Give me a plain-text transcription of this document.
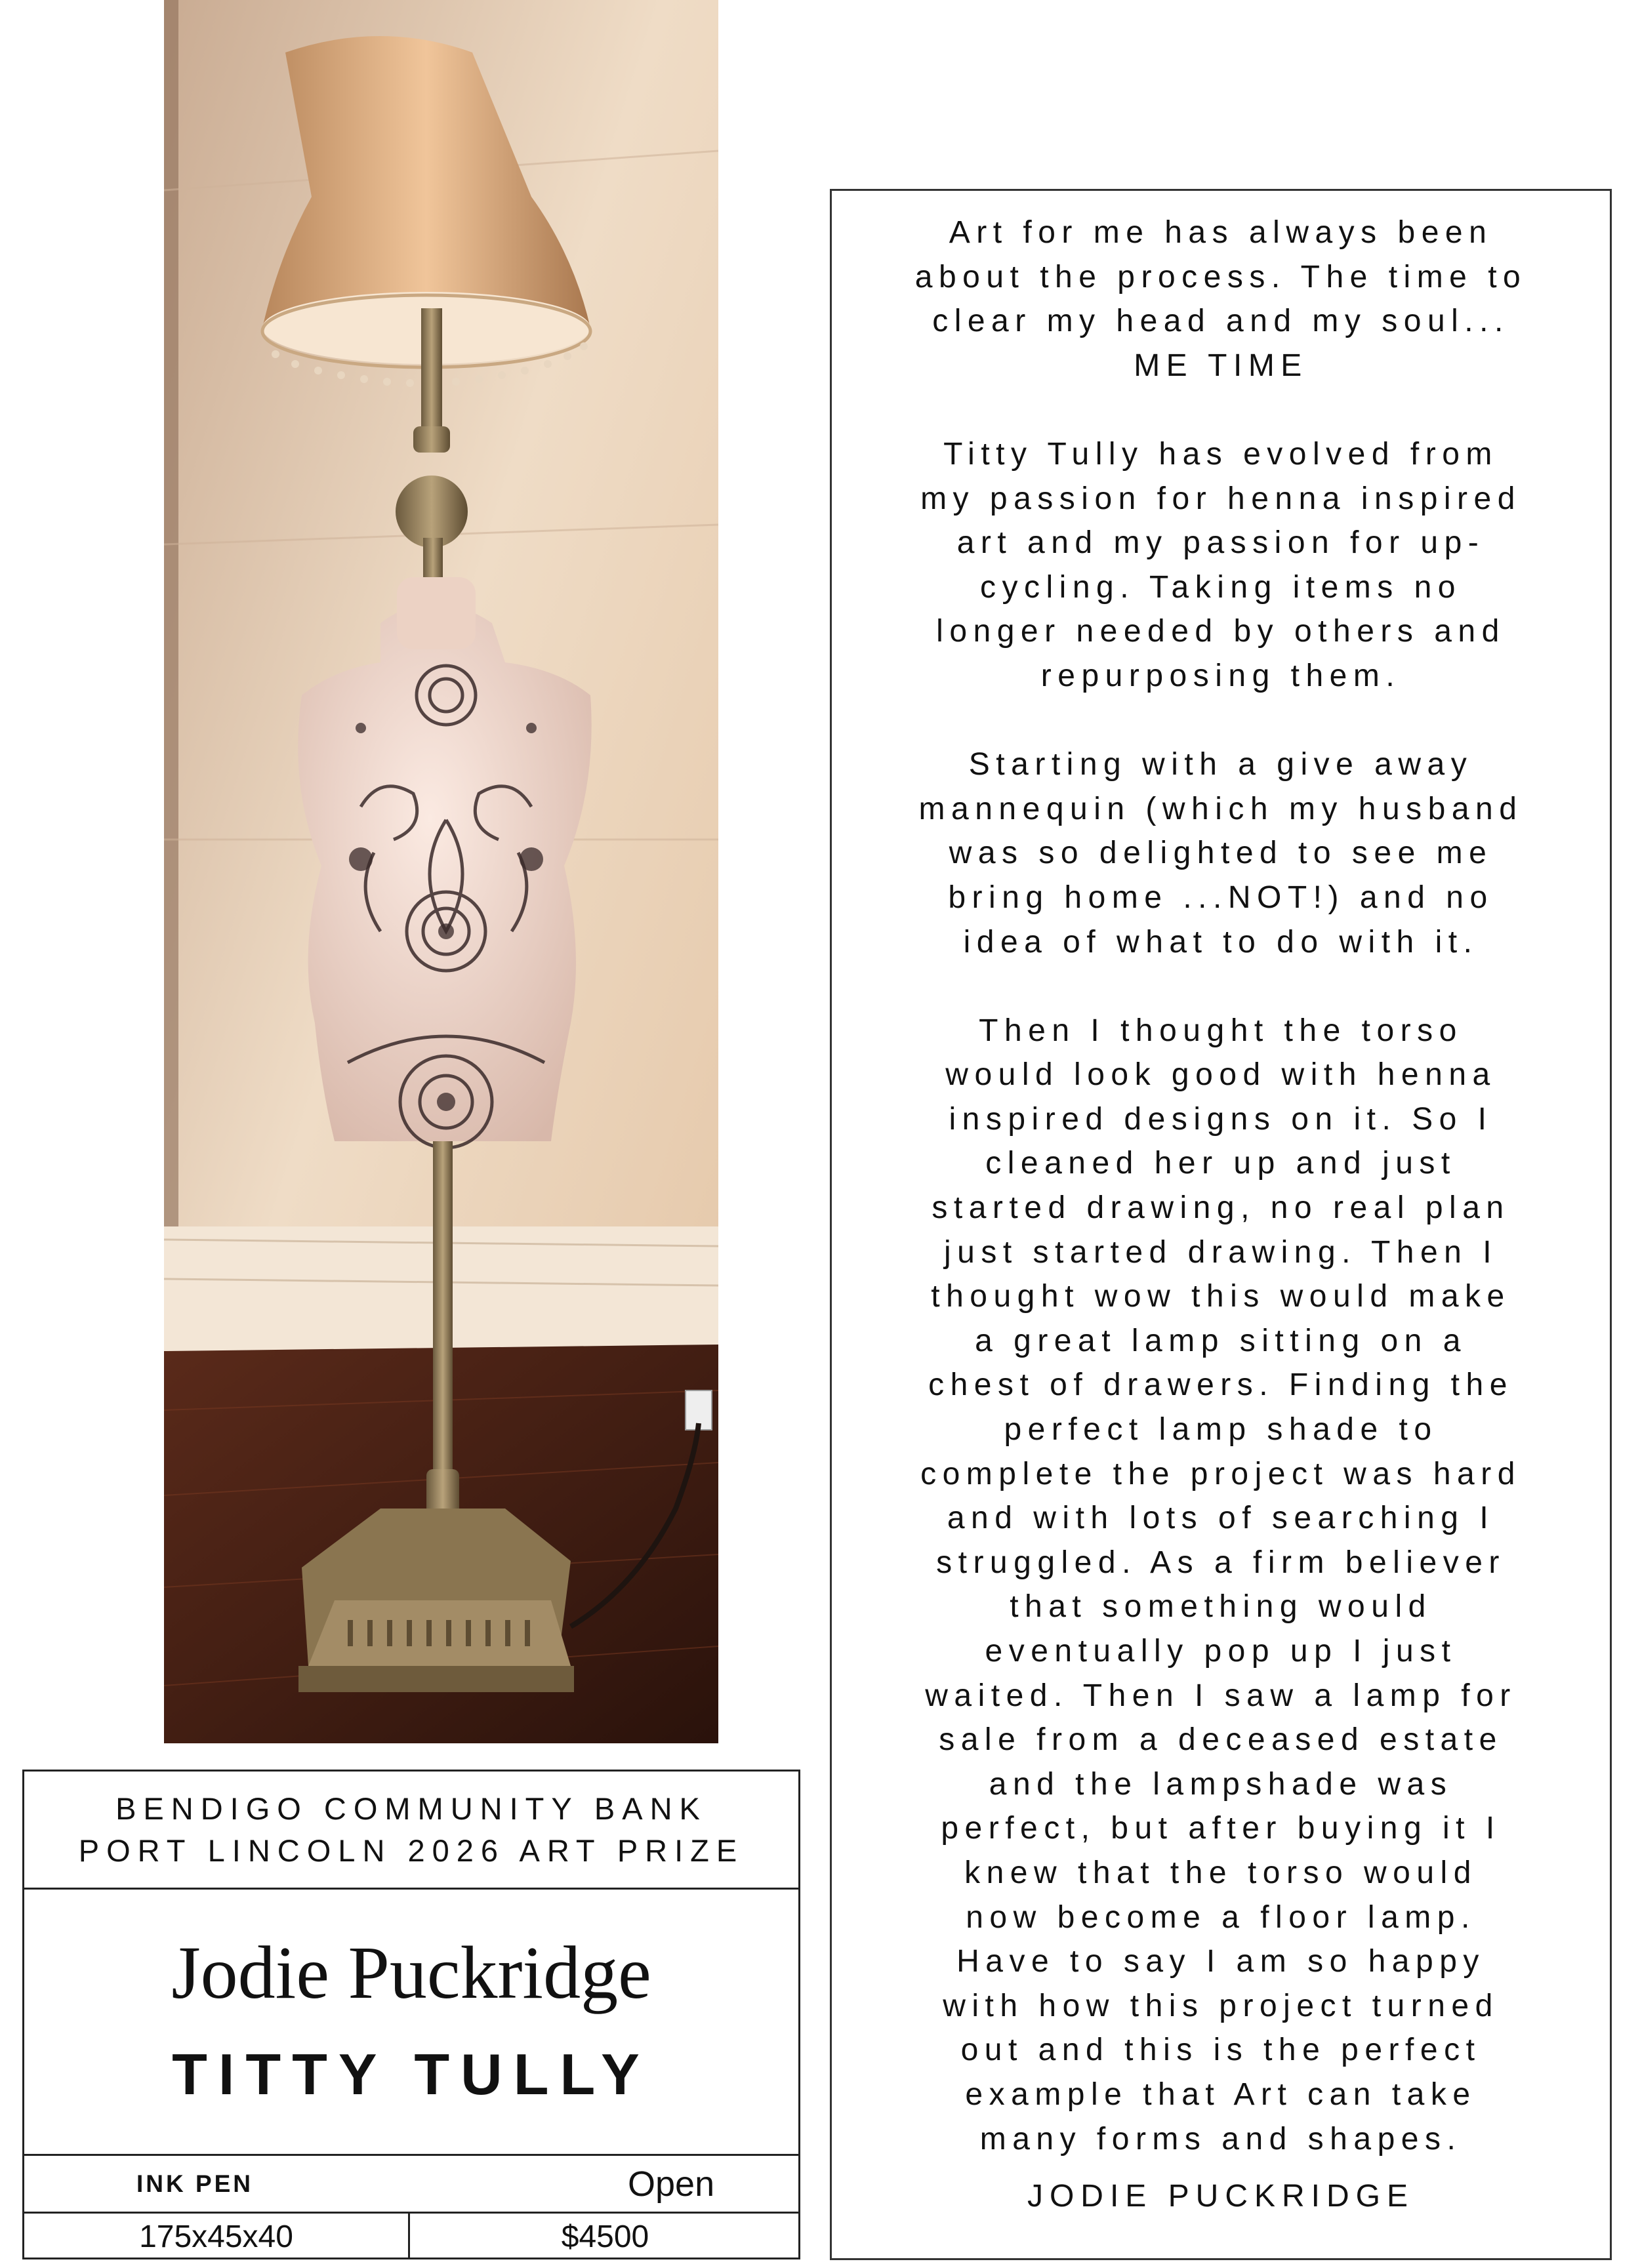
BENDIGO COMMUNITY BANK
PORT LINCOLN 2026 ART PRIZE
Jodie Puckridge
TITTY TULLY
INK PEN	Open
175x45x40	$4500

Art for me has always been
about the process. The time to
clear my head and my soul...
ME TIME

Titty Tully has evolved from
my passion for henna inspired
art and my passion for up-
cycling. Taking items no
longer needed by others and
repurposing them.

Starting with a give away
mannequin (which my husband
was so delighted to see me
bring home ...NOT!) and no
idea of what to do with it.

Then I thought the torso
would look good with henna
inspired designs on it. So I
cleaned her up and just
started drawing, no real plan
just started drawing. Then I
thought wow this would make
a great lamp sitting on a
chest of drawers. Finding the
perfect lamp shade to
complete the project was hard
and with lots of searching I
struggled. As a firm believer
that something would
eventually pop up I just
waited. Then I saw a lamp for
sale from a deceased estate
and the lampshade was
perfect, but after buying it I
knew that the torso would
now become a floor lamp.
Have to say I am so happy
with how this project turned
out and this is the perfect
example that Art can take
many forms and shapes.

JODIE PUCKRIDGE
